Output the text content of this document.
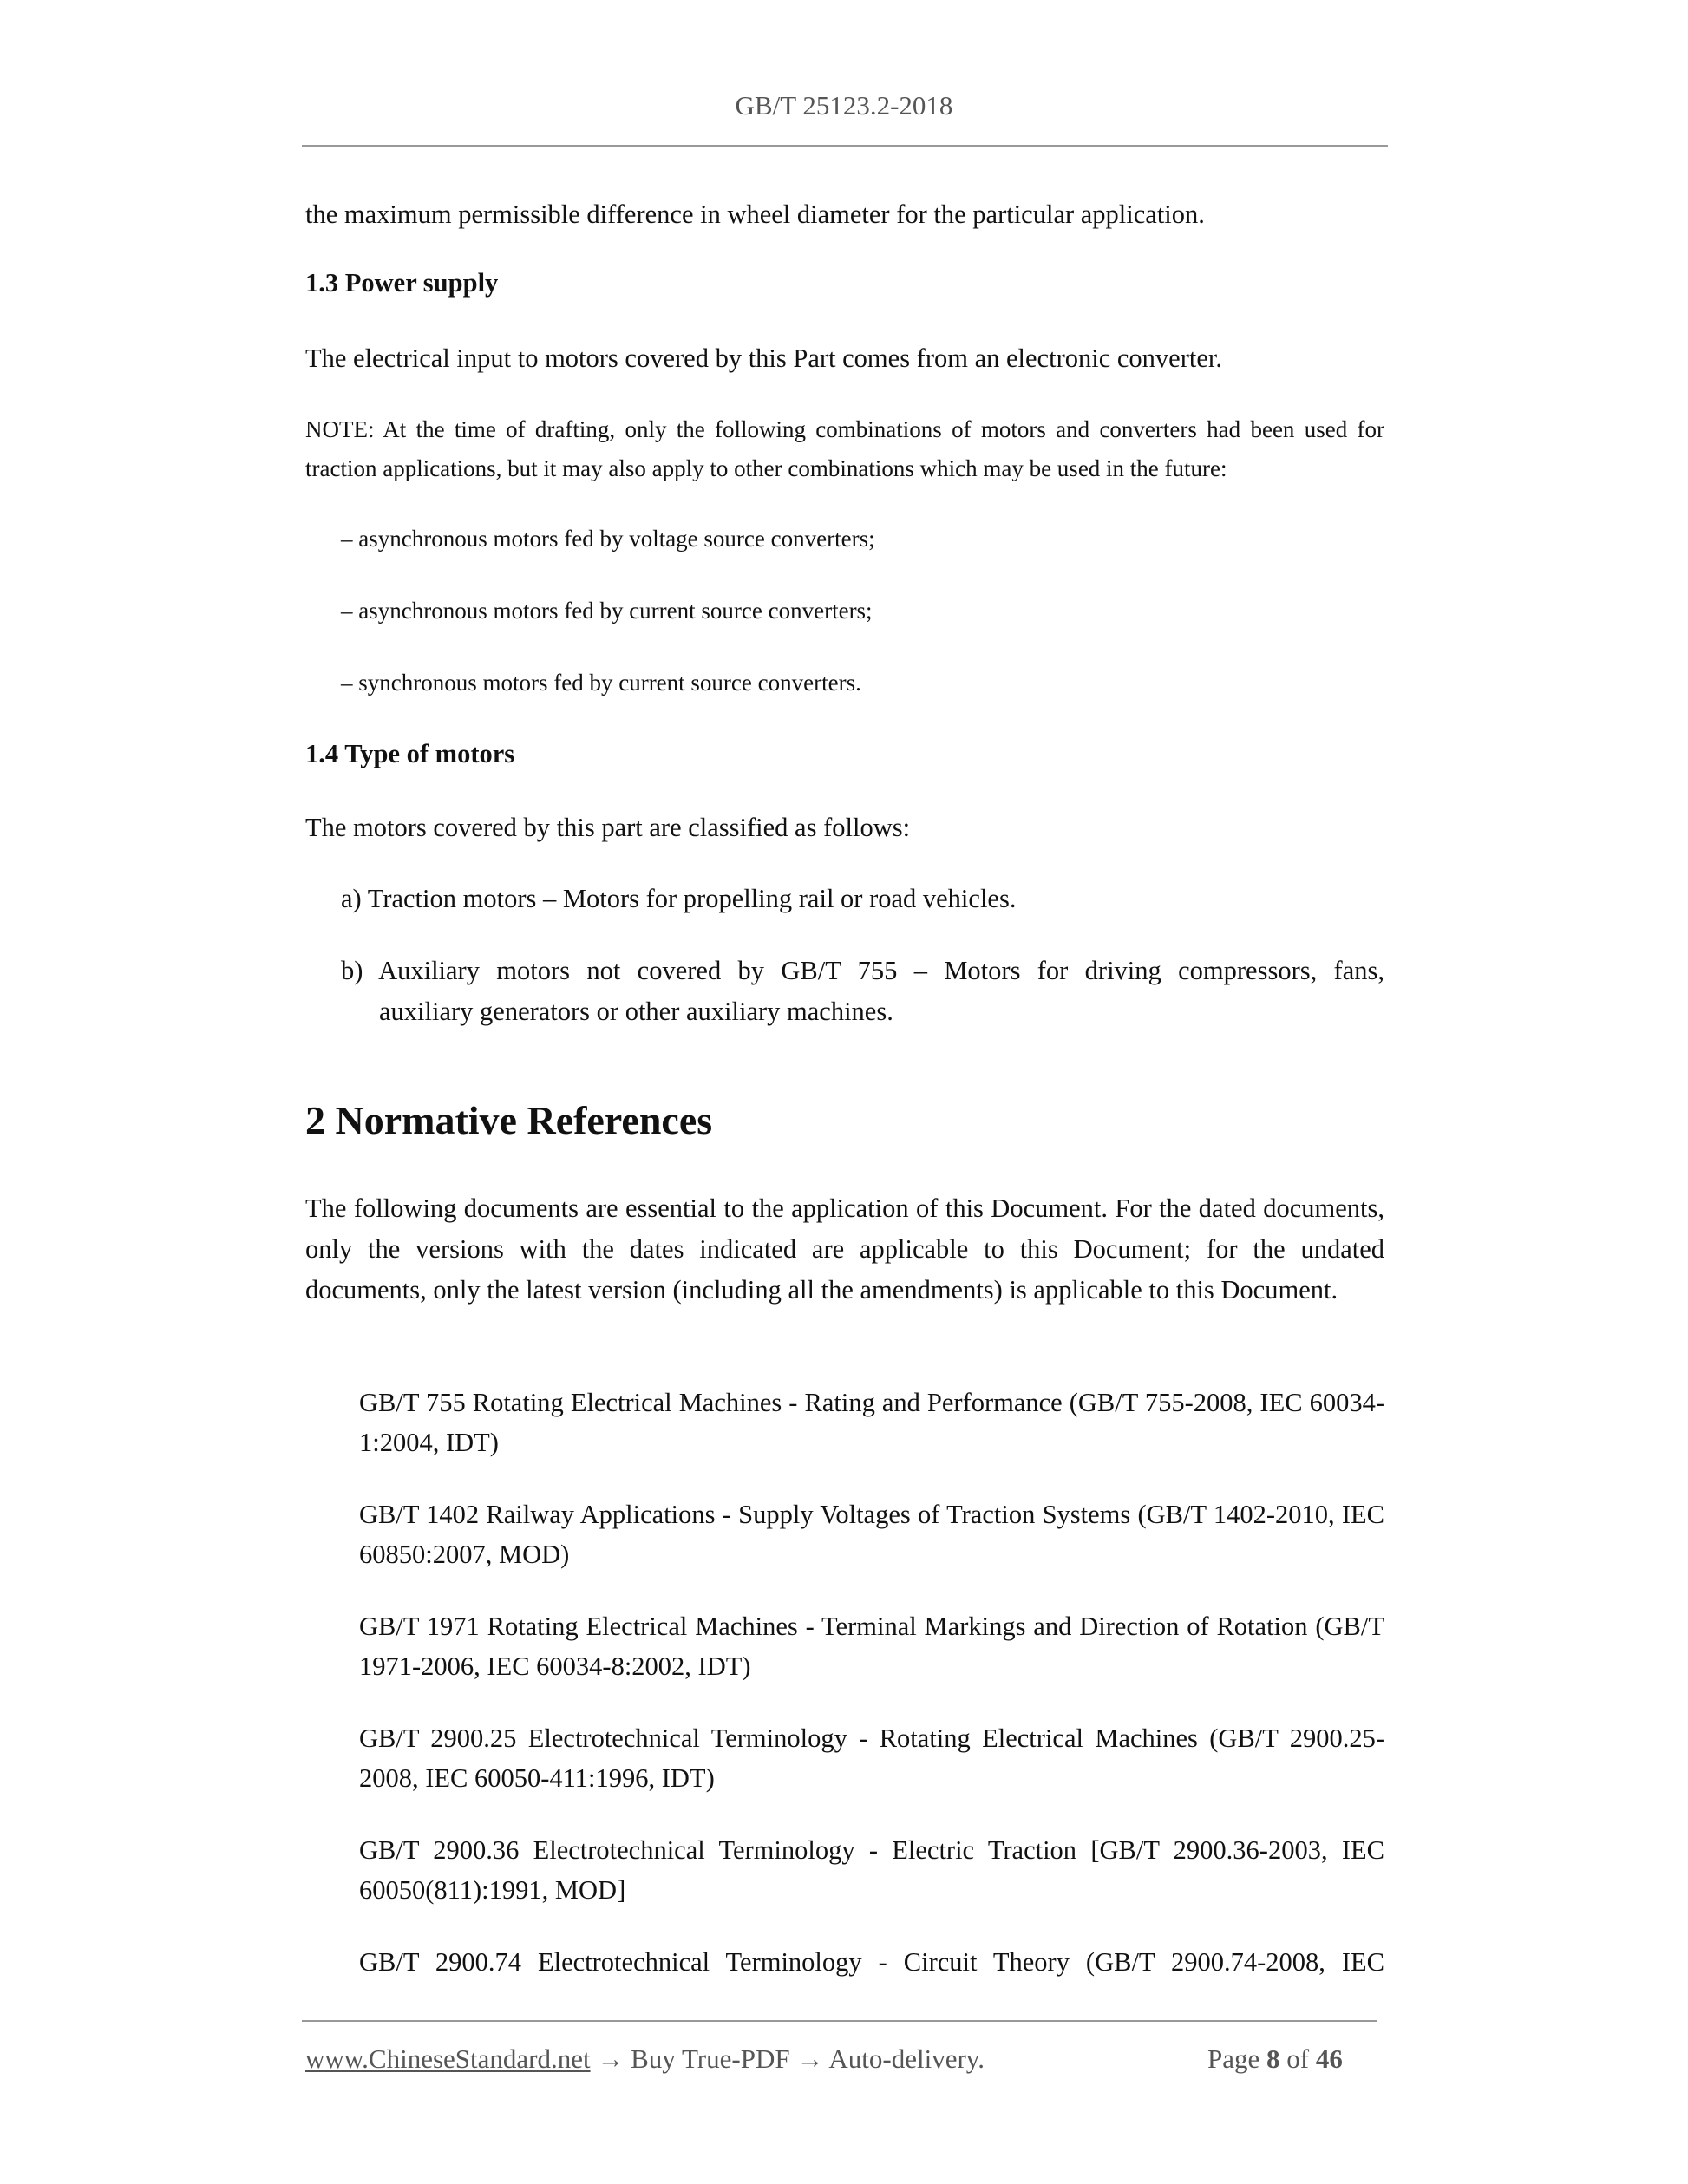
GB/T 25123.2-2018
the maximum permissible difference in wheel diameter for the particular application.
1.3 Power supply
The electrical input to motors covered by this Part comes from an electronic converter.
NOTE: At the time of drafting, only the following combinations of motors and converters had been used for traction applications, but it may also apply to other combinations which may be used in the future:
– asynchronous motors fed by voltage source converters;
– asynchronous motors fed by current source converters;
– synchronous motors fed by current source converters.
1.4 Type of motors
The motors covered by this part are classified as follows:
a) Traction motors – Motors for propelling rail or road vehicles.
b) Auxiliary motors not covered by GB/T 755 – Motors for driving compressors, fans,
auxiliary generators or other auxiliary machines.
2 Normative References
The following documents are essential to the application of this Document. For the dated documents, only the versions with the dates indicated are applicable to this Document; for the undated documents, only the latest version (including all the amendments) is applicable to this Document.
GB/T 755 Rotating Electrical Machines - Rating and Performance (GB/T 755-2008, IEC 60034-1:2004, IDT)
GB/T 1402 Railway Applications - Supply Voltages of Traction Systems (GB/T 1402-2010, IEC 60850:2007, MOD)
GB/T 1971 Rotating Electrical Machines - Terminal Markings and Direction of Rotation (GB/T 1971-2006, IEC 60034-8:2002, IDT)
GB/T 2900.25 Electrotechnical Terminology - Rotating Electrical Machines (GB/T 2900.25-2008, IEC 60050-411:1996, IDT)
GB/T 2900.36 Electrotechnical Terminology - Electric Traction [GB/T 2900.36-2003, IEC 60050(811):1991, MOD]
GB/T 2900.74 Electrotechnical Terminology - Circuit Theory (GB/T 2900.74-2008, IEC
www.ChineseStandard.net → Buy True-PDF → Auto-delivery.	Page 8 of 46
